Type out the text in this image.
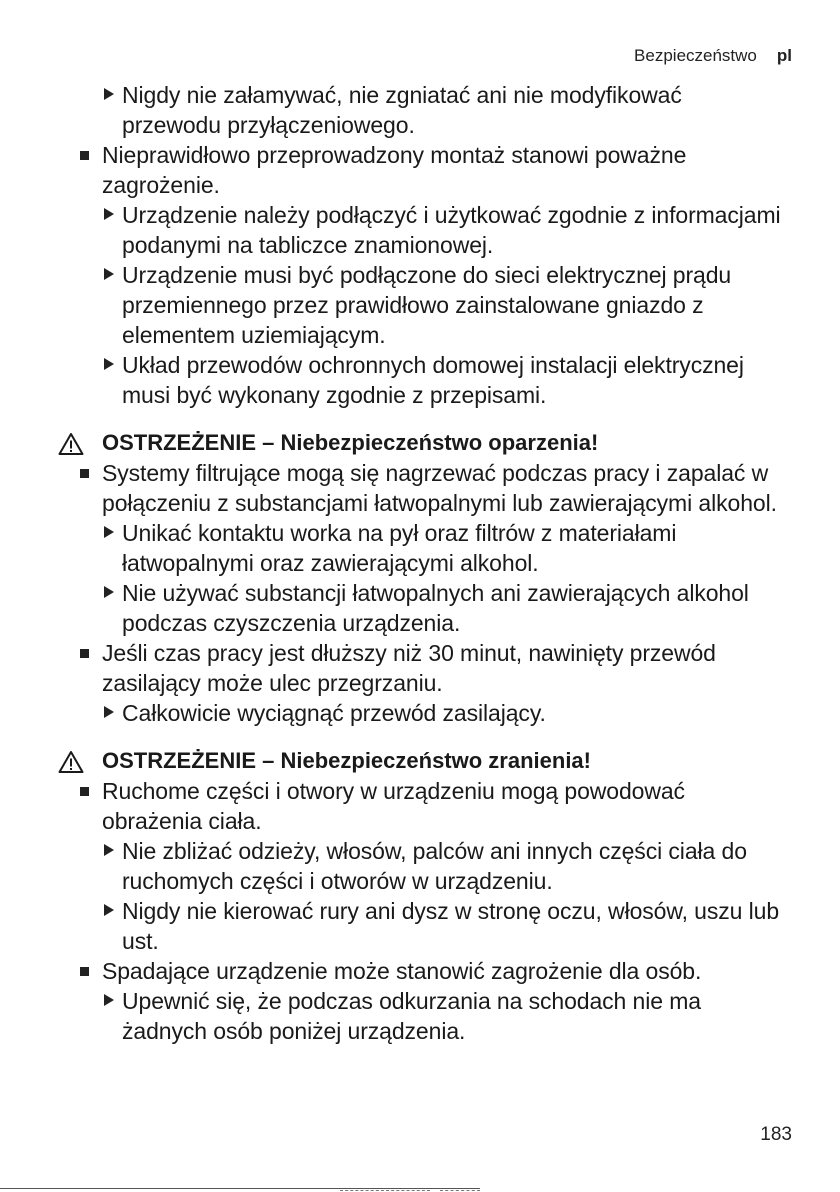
Bezpieczeństwo pl
Nigdy nie załamywać, nie zgniatać ani nie modyfikować przewodu przyłączeniowego.
Nieprawidłowo przeprowadzony montaż stanowi poważne zagrożenie.
Urządzenie należy podłączyć i użytkować zgodnie z informacjami podanymi na tabliczce znamionowej.
Urządzenie musi być podłączone do sieci elektrycznej prądu przemiennego przez prawidłowo zainstalowane gniazdo z elementem uziemiającym.
Układ przewodów ochronnych domowej instalacji elektrycznej musi być wykonany zgodnie z przepisami.
OSTRZEŻENIE – Niebezpieczeństwo oparzenia!
Systemy filtrujące mogą się nagrzewać podczas pracy i zapalać w połączeniu z substancjami łatwopalnymi lub zawierającymi alkohol.
Unikać kontaktu worka na pył oraz filtrów z materiałami łatwopalnymi oraz zawierającymi alkohol.
Nie używać substancji łatwopalnych ani zawierających alkohol podczas czyszczenia urządzenia.
Jeśli czas pracy jest dłuższy niż 30 minut, nawinięty przewód zasilający może ulec przegrzaniu.
Całkowicie wyciągnąć przewód zasilający.
OSTRZEŻENIE – Niebezpieczeństwo zranienia!
Ruchome części i otwory w urządzeniu mogą powodować obrażenia ciała.
Nie zbliżać odzieży, włosów, palców ani innych części ciała do ruchomych części i otworów w urządzeniu.
Nigdy nie kierować rury ani dysz w stronę oczu, włosów, uszu lub ust.
Spadające urządzenie może stanowić zagrożenie dla osób.
Upewnić się, że podczas odkurzania na schodach nie ma żadnych osób poniżej urządzenia.
183
